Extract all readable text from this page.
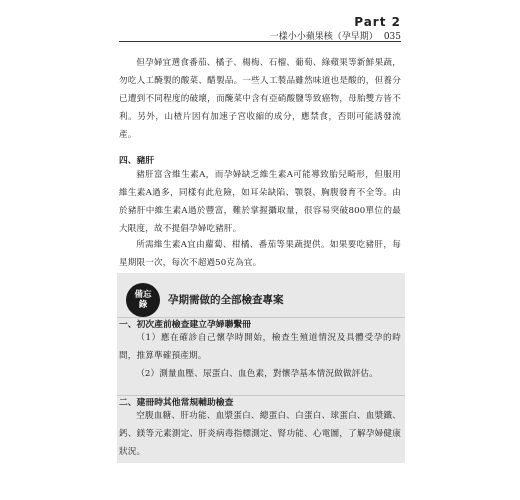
Part 2
一樣小小蘋果核（孕早期） 035

但孕婦宜選食番茄、橘子、楊梅、石榴、葡萄、綠蘋果等新鮮果蔬，勿吃人工醃製的酸菜、醋製品。一些人工製品雖然味道也是酸的，但養分已遭到不同程度的破壞，而醃菜中含有亞硝酸鹽等致癌物，母胎雙方皆不利。另外，山楂片因有加速子宮收縮的成分，應禁食，否則可能誘發流產。

四、豬肝

豬肝富含維生素A，而孕婦缺乏維生素A可能導致胎兒畸形，但服用維生素A過多，同樣有此危險，如耳朵缺陷、顎裂、胸腹發育不全等。由於豬肝中維生素A過於豐富，難於掌握攝取量，很容易突破800單位的最大限度，故不提倡孕婦吃豬肝。

所需維生素A宜由蘿蔔、柑橘、番茄等果蔬提供。如果要吃豬肝，每星期限一次，每次不超過50克為宜。

備忘
錄	孕期需做的全部檢查專案
一、初次產前檢查建立孕婦聯繫冊

（1）應在確診自己懷孕時開始，檢查生殖道情況及具體受孕的時間，推算準確預產期。

（2）測量血壓、尿蛋白、血色素，對懷孕基本情況做做評估。

二、建冊時其他常規輔助檢查

空腹血糖、肝功能、血漿蛋白、總蛋白、白蛋白、球蛋白、血漿鐵、鈣、鎂等元素測定、肝炎病毒指標測定、腎功能、心電圖，了解孕婦健康狀況。
